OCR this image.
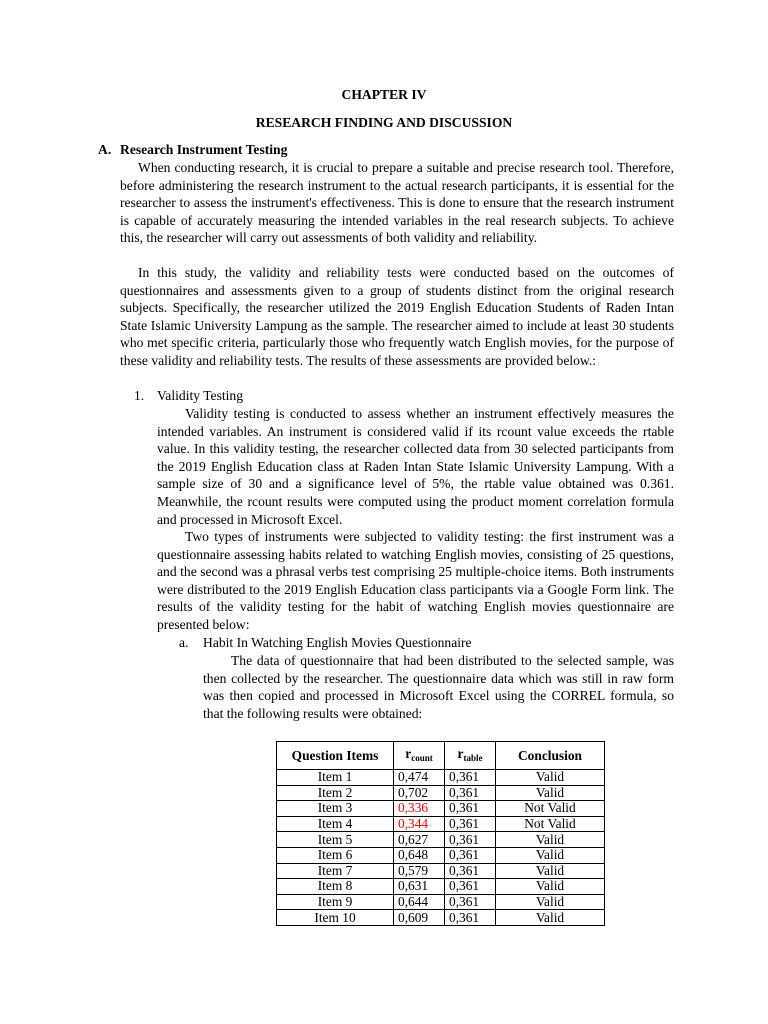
CHAPTER IV
RESEARCH FINDING AND DISCUSSION
A. Research Instrument Testing

When conducting research, it is crucial to prepare a suitable and precise research tool. Therefore, before administering the research instrument to the actual research participants, it is essential for the researcher to assess the instrument's effectiveness. This is done to ensure that the research instrument is capable of accurately measuring the intended variables in the real research subjects. To achieve this, the researcher will carry out assessments of both validity and reliability.

In this study, the validity and reliability tests were conducted based on the outcomes of questionnaires and assessments given to a group of students distinct from the original research subjects. Specifically, the researcher utilized the 2019 English Education Students of Raden Intan State Islamic University Lampung as the sample. The researcher aimed to include at least 30 students who met specific criteria, particularly those who frequently watch English movies, for the purpose of these validity and reliability tests. The results of these assessments are provided below.:

1. Validity Testing

Validity testing is conducted to assess whether an instrument effectively measures the intended variables. An instrument is considered valid if its rcount value exceeds the rtable value. In this validity testing, the researcher collected data from 30 selected participants from the 2019 English Education class at Raden Intan State Islamic University Lampung. With a sample size of 30 and a significance level of 5%, the rtable value obtained was 0.361. Meanwhile, the rcount results were computed using the product moment correlation formula and processed in Microsoft Excel.

Two types of instruments were subjected to validity testing: the first instrument was a questionnaire assessing habits related to watching English movies, consisting of 25 questions, and the second was a phrasal verbs test comprising 25 multiple-choice items. Both instruments were distributed to the 2019 English Education class participants via a Google Form link. The results of the validity testing for the habit of watching English movies questionnaire are presented below:

a. Habit In Watching English Movies Questionnaire

The data of questionnaire that had been distributed to the selected sample, was then collected by the researcher. The questionnaire data which was still in raw form was then copied and processed in Microsoft Excel using the CORREL formula, so that the following results were obtained:

Question Items	$r_{count}$	$r_{table}$	Conclusion
Item 1	0,474	0,361	Valid
Item 2	0,702	0,361	Valid
Item 3	0,336	0,361	Not Valid
Item 4	0,344	0,361	Not Valid
Item 5	0,627	0,361	Valid
Item 6	0,648	0,361	Valid
Item 7	0,579	0,361	Valid
Item 8	0,631	0,361	Valid
Item 9	0,644	0,361	Valid
Item 10	0,609	0,361	Valid
